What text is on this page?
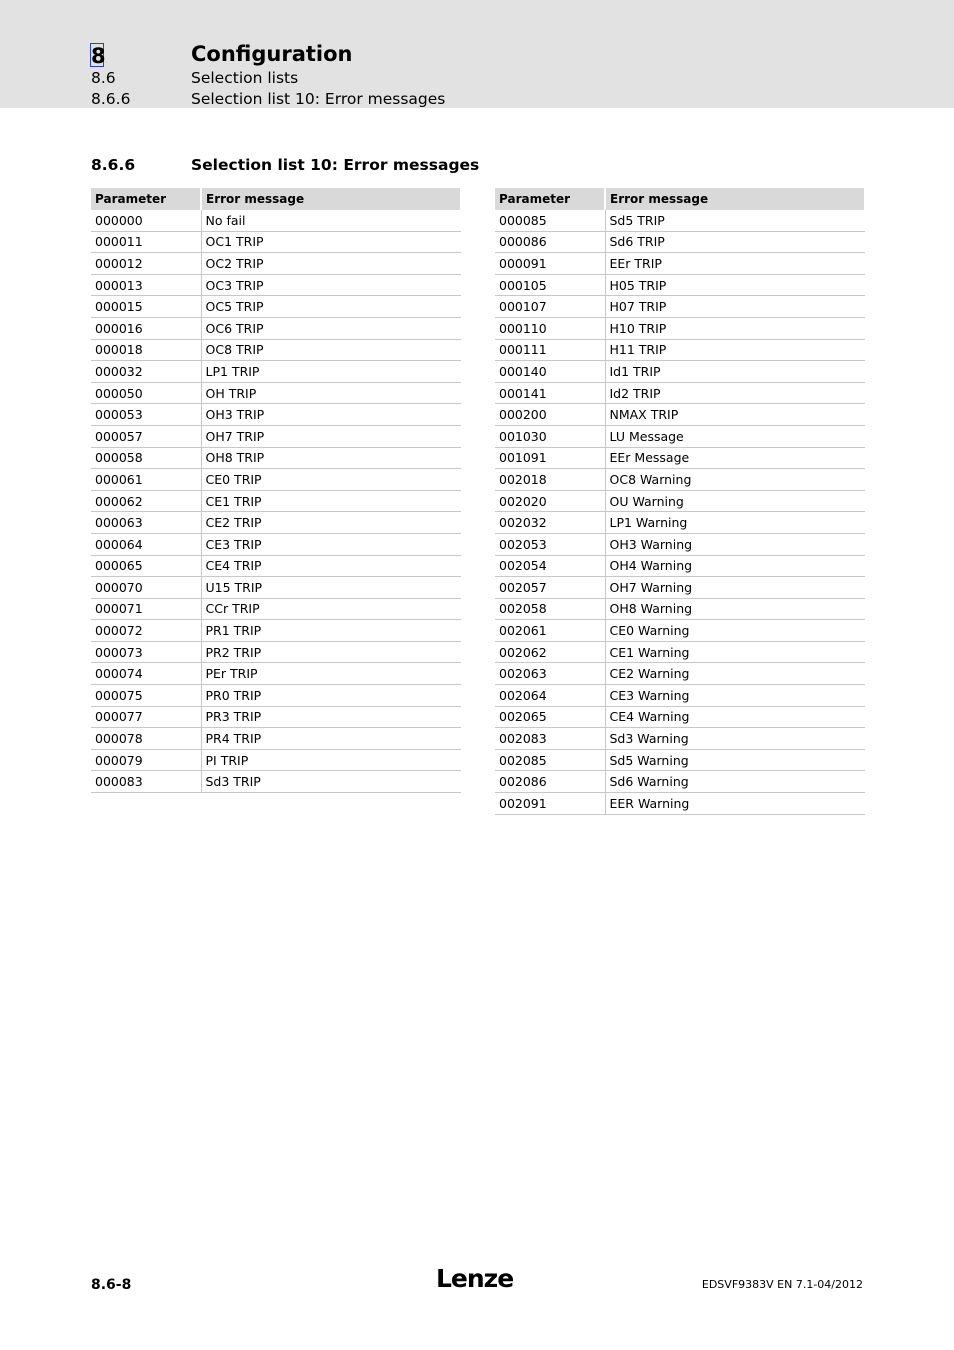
8	Configuration
8.6	Selection lists
8.6.6	Selection list 10: Error messages
8.6.6	Selection list 10: Error messages
Parameter	Error message
000000	No fail
000011	OC1 TRIP
000012	OC2 TRIP
000013	OC3 TRIP
000015	OC5 TRIP
000016	OC6 TRIP
000018	OC8 TRIP
000032	LP1 TRIP
000050	OH TRIP
000053	OH3 TRIP
000057	OH7 TRIP
000058	OH8 TRIP
000061	CE0 TRIP
000062	CE1 TRIP
000063	CE2 TRIP
000064	CE3 TRIP
000065	CE4 TRIP
000070	U15 TRIP
000071	CCr TRIP
000072	PR1 TRIP
000073	PR2 TRIP
000074	PEr TRIP
000075	PR0 TRIP
000077	PR3 TRIP
000078	PR4 TRIP
000079	PI TRIP
000083	Sd3 TRIP
Parameter	Error message
000085	Sd5 TRIP
000086	Sd6 TRIP
000091	EEr TRIP
000105	H05 TRIP
000107	H07 TRIP
000110	H10 TRIP
000111	H11 TRIP
000140	Id1 TRIP
000141	Id2 TRIP
000200	NMAX TRIP
001030	LU Message
001091	EEr Message
002018	OC8 Warning
002020	OU Warning
002032	LP1 Warning
002053	OH3 Warning
002054	OH4 Warning
002057	OH7 Warning
002058	OH8 Warning
002061	CE0 Warning
002062	CE1 Warning
002063	CE2 Warning
002064	CE3 Warning
002065	CE4 Warning
002083	Sd3 Warning
002085	Sd5 Warning
002086	Sd6 Warning
002091	EER Warning
8.6-8	Lenze	EDSVF9383V EN 7.1-04/2012
